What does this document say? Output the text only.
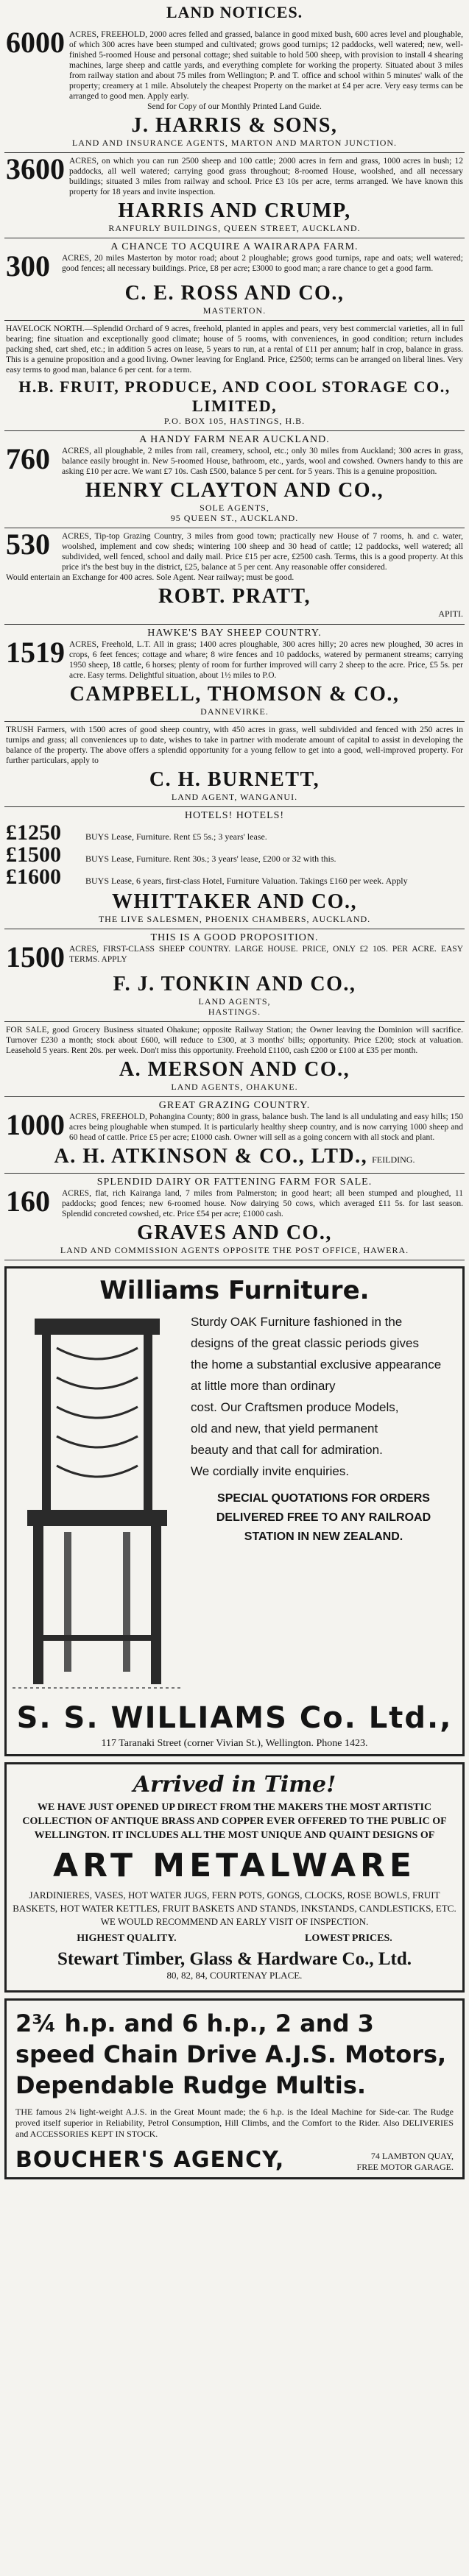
LAND NOTICES.
6000 ACRES, FREEHOLD, 2000 acres felled and grassed, balance in good mixed bush, 600 acres level and ploughable, of which 300 acres have been stumped and cultivated; grows good turnips; 12 paddocks, well watered; new, well-finished 5-roomed House and personal cottage; shed suitable to hold 500 sheep, with provision to install 4 shearing machines, large sheep and cattle yards, and everything complete for working the property. Situated about 3 miles from railway station and about 75 miles from Wellington; P. and T. office and school within 5 minutes' walk of the property; creamery at 1 mile. Absolutely the cheapest Property on the market at £4 per acre. Very easy terms can be arranged to good men. Apply early.
Send for Copy of our Monthly Printed Land Guide.
J. HARRIS & SONS,
LAND AND INSURANCE AGENTS, MARTON AND MARTON JUNCTION.
3600 ACRES, on which you can run 2500 sheep and 100 cattle; 2000 acres in fern and grass, 1000 acres in bush; 12 paddocks, all well watered; carrying good grass throughout; 8-roomed House, woolshed, and all necessary buildings; situated 3 miles from railway and school. Price £3 10s per acre, terms arranged. We have known this property for 18 years and invite inspection.
HARRIS AND CRUMP,
RANFURLY BUILDINGS, QUEEN STREET, AUCKLAND.
A CHANCE TO ACQUIRE A WAIRARAPA FARM.
300	ACRES, 20 miles Masterton by motor road; about 2 ploughable; grows good turnips, rape and oats; well watered; good fences; all necessary buildings. Price, £8 per acre; £3000 to good man; a rare chance to get a good farm.
C. E. ROSS AND CO.,
MASTERTON.
HAVELOCK NORTH.—Splendid Orchard of 9 acres, freehold, planted in apples and pears, very best commercial varieties, all in full bearing; fine situation and exceptionally good climate; house of 5 rooms, with conveniences, in good condition; return includes packing shed, cart shed, etc.; in addition 5 acres on lease, 5 years to run, at a rental of £11 per annum; half in crop, balance in grass. This is a genuine proposition and a good living. Owner leaving for England. Price, £2500; terms can be arranged on liberal lines. Very easy terms to good man, balance 6 per cent. for a term.
H.B. FRUIT, PRODUCE, AND COOL STORAGE CO., LIMITED,
P.O. BOX 105, HASTINGS, H.B.
A HANDY FARM NEAR AUCKLAND.
760	ACRES, all ploughable, 2 miles from rail, creamery, school, etc.; only 30 miles from Auckland; 300 acres in grass, balance easily brought in. New 5-roomed House, bathroom, etc., yards, wool and cowshed. Owners handy to this are asking £10 per acre. We want £7 10s. Cash £500, balance 5 per cent. for 5 years. This is a genuine proposition.
HENRY CLAYTON AND CO.,
SOLE AGENTS,
95 QUEEN ST., AUCKLAND.
530	ACRES, Tip-top Grazing Country, 3 miles from good town; practically new House of 7 rooms, h. and c. water, woolshed, implement and cow sheds; wintering 100 sheep and 30 head of cattle; 12 paddocks, well watered; all subdivided, well fenced, school and daily mail. Price £15 per acre, £2500 cash. Terms, this is a good property. At this price it's the best buy in the district, £25, balance at 5 per cent. Any reasonable offer considered.
Would entertain an Exchange for 400 acres. Sole Agent. Near railway; must be good.
ROBT. PRATT,
APITI.
HAWKE'S BAY SHEEP COUNTRY.
1519 ACRES, Freehold, L.T. All in grass; 1400 acres ploughable, 300 acres hilly; 20 acres new ploughed, 30 acres in crops, 6 feet fences; cottage and whare; 8 wire fences and 10 paddocks, watered by permanent streams; carrying 1950 sheep, 18 cattle, 6 horses; plenty of room for further improved will carry 2 sheep to the acre. Price, £5 5s. per acre. Easy terms. Delightful situation, about 1½ miles to P.O.
CAMPBELL, THOMSON & CO.,
DANNEVIRKE.
TRUSH Farmers, with 1500 acres of good sheep country, with 450 acres in grass, well subdivided and fenced with 250 acres in turnips and grass; all conveniences up to date, wishes to take in partner with moderate amount of capital to assist in developing the balance of the property. The above offers a splendid opportunity for a young fellow to get into a good, well-improved property. For further particulars, apply to
C. H. BURNETT,
LAND AGENT, WANGANUI.
HOTELS! HOTELS!
£1250	BUYS Lease, Furniture. Rent £5 5s.; 3 years' lease.
£1500	BUYS Lease, Furniture. Rent 30s.; 3 years' lease, £200 or 32 with this.
£1600	BUYS Lease, 6 years, first-class Hotel, Furniture Valuation. Takings £160 per week. Apply
WHITTAKER AND CO.,
THE LIVE SALESMEN, PHOENIX CHAMBERS, AUCKLAND.
THIS IS A GOOD PROPOSITION.
1500 ACRES, FIRST-CLASS SHEEP COUNTRY. LARGE HOUSE. PRICE, ONLY £2 10S. PER ACRE. EASY TERMS. APPLY
F. J. TONKIN AND CO.,
LAND AGENTS,
HASTINGS.
FOR SALE, good Grocery Business situated Ohakune; opposite Railway Station; the Owner leaving the Dominion will sacrifice. Turnover £230 a month; stock about £600, will reduce to £300, at 3 months' bills; opportunity. Price £200; stock at valuation. Leasehold 5 years. Rent 20s. per week. Don't miss this opportunity. Freehold £1100, cash £200 or £100 at £35 per month.
A. MERSON AND CO.,
LAND AGENTS, OHAKUNE.
GREAT GRAZING COUNTRY.
1000 ACRES, FREEHOLD, Pohangina County; 800 in grass, balance bush. The land is all undulating and easy hills; 150 acres being ploughable when stumped. It is particularly healthy sheep country, and is now carrying 1000 sheep and 60 head of cattle. Price £5 per acre; £1000 cash. Owner will sell as a going concern with all stock and plant.
A. H. ATKINSON & CO., LTD., FEILDING.
SPLENDID DAIRY OR FATTENING FARM FOR SALE.
160	ACRES, flat, rich Kairanga land, 7 miles from Palmerston; in good heart; all been stumped and ploughed, 11 paddocks; good fences; new 6-roomed house. Now dairying 50 cows, which averaged £11 5s. for last season. Splendid concreted cowshed, etc. Price £54 per acre; £1000 cash.
GRAVES AND CO.,
LAND AND COMMISSION AGENTS OPPOSITE THE POST OFFICE, HAWERA.
Williams Furniture.
Sturdy OAK Furniture fashioned in the
designs of the great classic periods gives
the home a substantial exclusive appearance
at little more than ordinary
cost. Our Craftsmen produce Models,
old and new, that yield permanent
beauty and that call for admiration.
We cordially invite enquiries.
SPECIAL QUOTATIONS FOR ORDERS DELIVERED FREE TO ANY RAILROAD STATION IN NEW ZEALAND.
S. S. WILLIAMS Co. Ltd.,
117 Taranaki Street (corner Vivian St.), Wellington. Phone 1423.
Arrived in Time!
WE HAVE JUST OPENED UP DIRECT FROM THE MAKERS THE MOST ARTISTIC COLLECTION OF ANTIQUE BRASS AND COPPER EVER OFFERED TO THE PUBLIC OF WELLINGTON. IT INCLUDES ALL THE MOST UNIQUE AND QUAINT DESIGNS OF
ART METALWARE
JARDINIERES, VASES, HOT WATER JUGS, FERN POTS, GONGS, CLOCKS, ROSE BOWLS, FRUIT BASKETS, HOT WATER KETTLES, FRUIT BASKETS AND STANDS, INKSTANDS, CANDLESTICKS, ETC. WE WOULD RECOMMEND AN EARLY VISIT OF INSPECTION.
HIGHEST QUALITY.	LOWEST PRICES.
Stewart Timber, Glass & Hardware Co., Ltd.
80, 82, 84, COURTENAY PLACE.
2¾ h.p. and 6 h.p., 2 and 3 speed Chain Drive A.J.S. Motors, Dependable Rudge Multis.
THE famous 2¾ light-weight A.J.S. in the Great Mount made; the 6 h.p. is the Ideal Machine for Side-car. The Rudge proved itself superior in Reliability, Petrol Consumption, Hill Climbs, and the Comfort to the Rider. Also DELIVERIES and ACCESSORIES KEPT IN STOCK.
BOUCHER'S AGENCY,	74 LAMBTON QUAY,
FREE MOTOR GARAGE.
